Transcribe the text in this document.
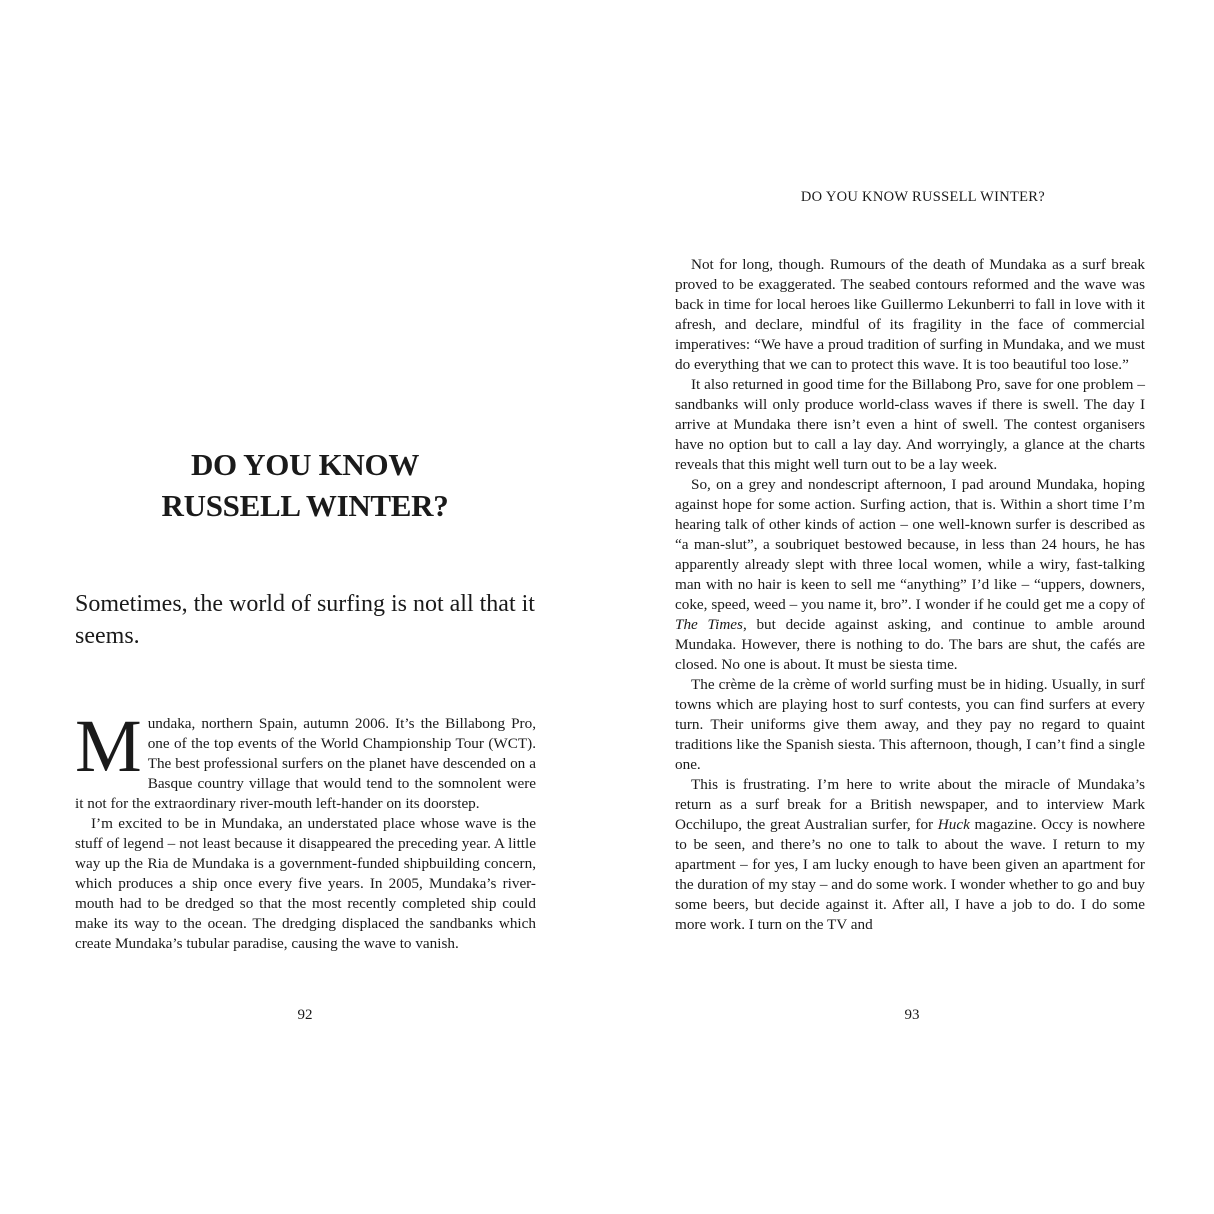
DO YOU KNOW
RUSSELL WINTER?

Sometimes, the world of surfing is not all that it seems.

Mundaka, northern Spain, autumn 2006. It’s the Billabong Pro, one of the top events of the World Championship Tour (WCT). The best professional surfers on the planet have descended on a Basque country village that would tend to the somnolent were it not for the extraordinary river-mouth left-hander on its doorstep.

I’m excited to be in Mundaka, an understated place whose wave is the stuff of legend – not least because it disappeared the preceding year. A little way up the Ria de Mundaka is a government-funded shipbuilding concern, which produces a ship once every five years. In 2005, Mundaka’s river-mouth had to be dredged so that the most recently completed ship could make its way to the ocean. The dredging displaced the sandbanks which create Mundaka’s tubular paradise, causing the wave to vanish.

92
DO YOU KNOW RUSSELL WINTER?

Not for long, though. Rumours of the death of Mundaka as a surf break proved to be exaggerated. The seabed contours reformed and the wave was back in time for local heroes like Guillermo Lekunberri to fall in love with it afresh, and declare, mindful of its fragility in the face of commercial imperatives: “We have a proud tradition of surfing in Mundaka, and we must do everything that we can to protect this wave. It is too beautiful too lose.”

It also returned in good time for the Billabong Pro, save for one problem – sandbanks will only produce world-class waves if there is swell. The day I arrive at Mundaka there isn’t even a hint of swell. The contest organisers have no option but to call a lay day. And worryingly, a glance at the charts reveals that this might well turn out to be a lay week.

So, on a grey and nondescript afternoon, I pad around Mundaka, hoping against hope for some action. Surfing action, that is. Within a short time I’m hearing talk of other kinds of action – one well-known surfer is described as “a man-slut”, a soubriquet bestowed because, in less than 24 hours, he has apparently already slept with three local women, while a wiry, fast-talking man with no hair is keen to sell me “anything” I’d like – “uppers, downers, coke, speed, weed – you name it, bro”. I wonder if he could get me a copy of The Times, but decide against asking, and continue to amble around Mundaka. However, there is nothing to do. The bars are shut, the cafés are closed. No one is about. It must be siesta time.

The crème de la crème of world surfing must be in hiding. Usually, in surf towns which are playing host to surf contests, you can find surfers at every turn. Their uniforms give them away, and they pay no regard to quaint traditions like the Spanish siesta. This afternoon, though, I can’t find a single one.

This is frustrating. I’m here to write about the miracle of Mundaka’s return as a surf break for a British newspaper, and to interview Mark Occhilupo, the great Australian surfer, for Huck magazine. Occy is nowhere to be seen, and there’s no one to talk to about the wave. I return to my apartment – for yes, I am lucky enough to have been given an apartment for the duration of my stay – and do some work. I wonder whether to go and buy some beers, but decide against it. After all, I have a job to do. I do some more work. I turn on the TV and

93
